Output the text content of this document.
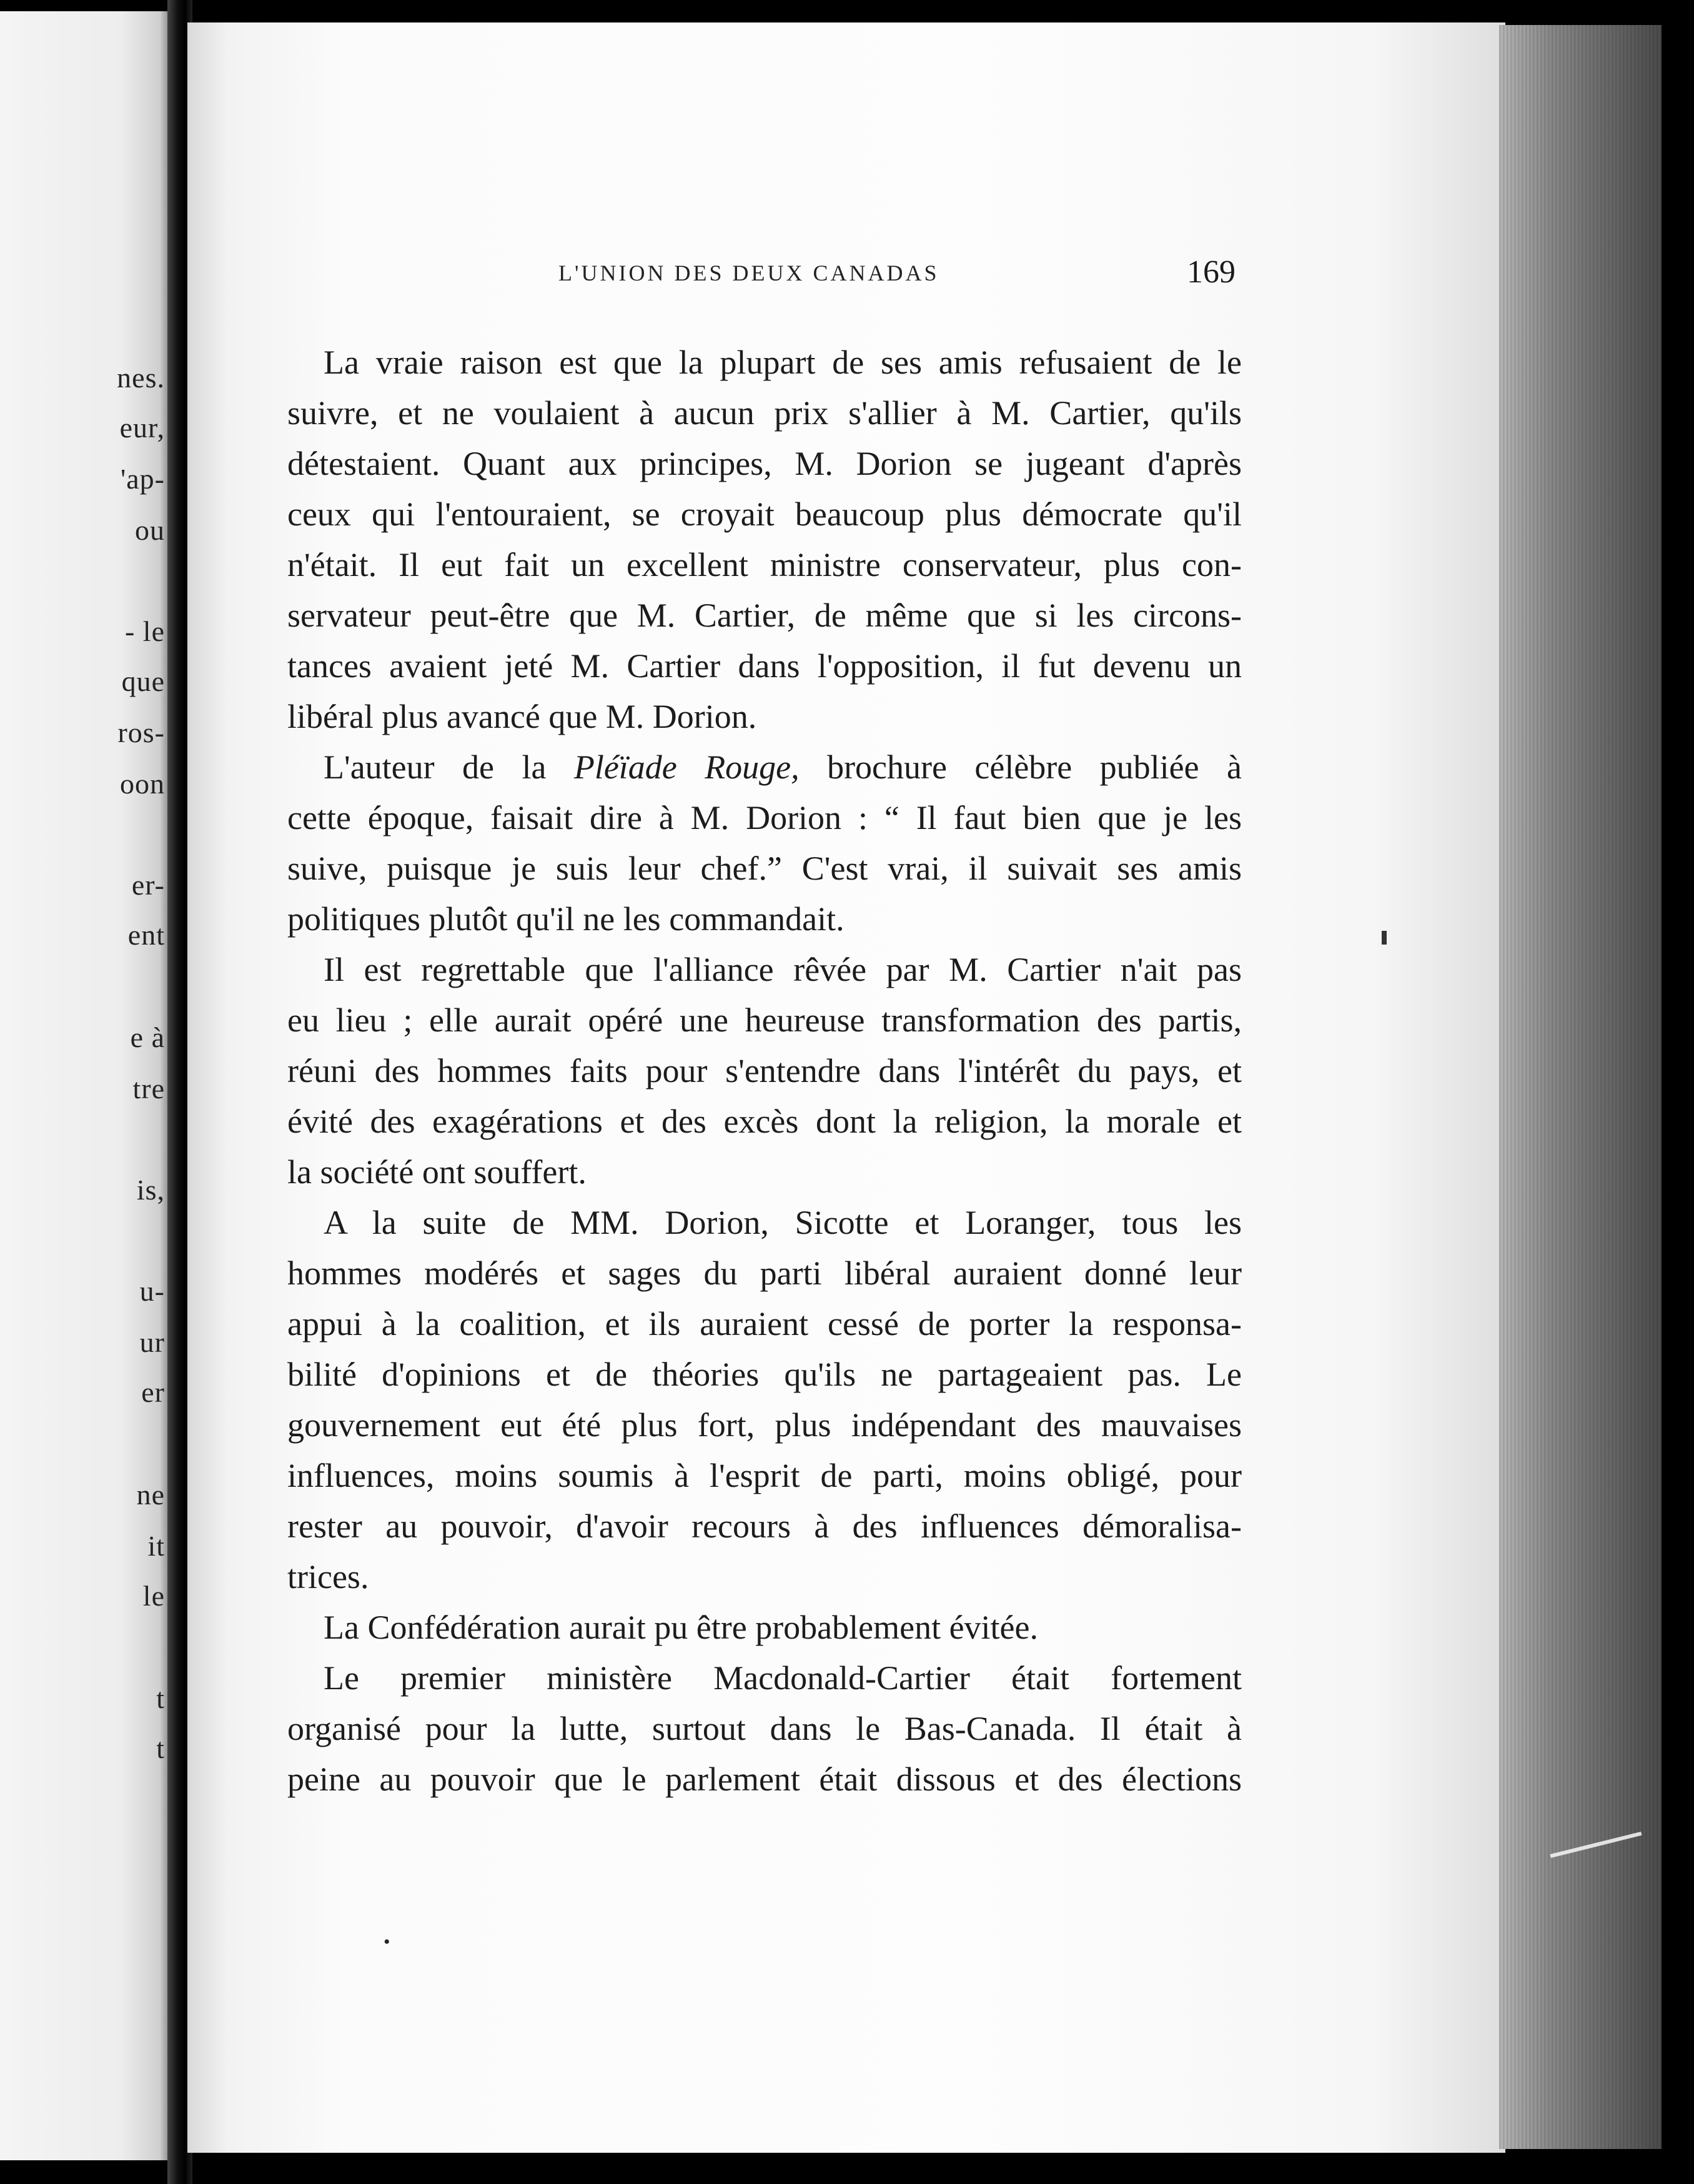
nes.
eur,
'ap-
ou
- le
que
ros-
oon
er-
ent
e à
tre
is,
u-
ur
er
ne
it
le
t
t
L'UNION DES DEUX CANADAS	169
La vraie raison est que la plupart de ses amis refusaient de le
suivre, et ne voulaient à aucun prix s'allier à M. Cartier, qu'ils
détestaient. Quant aux principes, M. Dorion se jugeant d'après
ceux qui l'entouraient, se croyait beaucoup plus démocrate qu'il
n'était. Il eut fait un excellent ministre conservateur, plus con-
servateur peut-être que M. Cartier, de même que si les circons-
tances avaient jeté M. Cartier dans l'opposition, il fut devenu un
libéral plus avancé que M. Dorion.
L'auteur de la Pléïade Rouge, brochure célèbre publiée à
cette époque, faisait dire à M. Dorion : “ Il faut bien que je les
suive, puisque je suis leur chef.” C'est vrai, il suivait ses amis
politiques plutôt qu'il ne les commandait.
Il est regrettable que l'alliance rêvée par M. Cartier n'ait pas
eu lieu ; elle aurait opéré une heureuse transformation des partis,
réuni des hommes faits pour s'entendre dans l'intérêt du pays, et
évité des exagérations et des excès dont la religion, la morale et
la société ont souffert.
A la suite de MM. Dorion, Sicotte et Loranger, tous les
hommes modérés et sages du parti libéral auraient donné leur
appui à la coalition, et ils auraient cessé de porter la responsa-
bilité d'opinions et de théories qu'ils ne partageaient pas. Le
gouvernement eut été plus fort, plus indépendant des mauvaises
influences, moins soumis à l'esprit de parti, moins obligé, pour
rester au pouvoir, d'avoir recours à des influences démoralisa-
trices.
La Confédération aurait pu être probablement évitée.
Le premier ministère Macdonald-Cartier était fortement
organisé pour la lutte, surtout dans le Bas-Canada. Il était à
peine au pouvoir que le parlement était dissous et des élections
•
